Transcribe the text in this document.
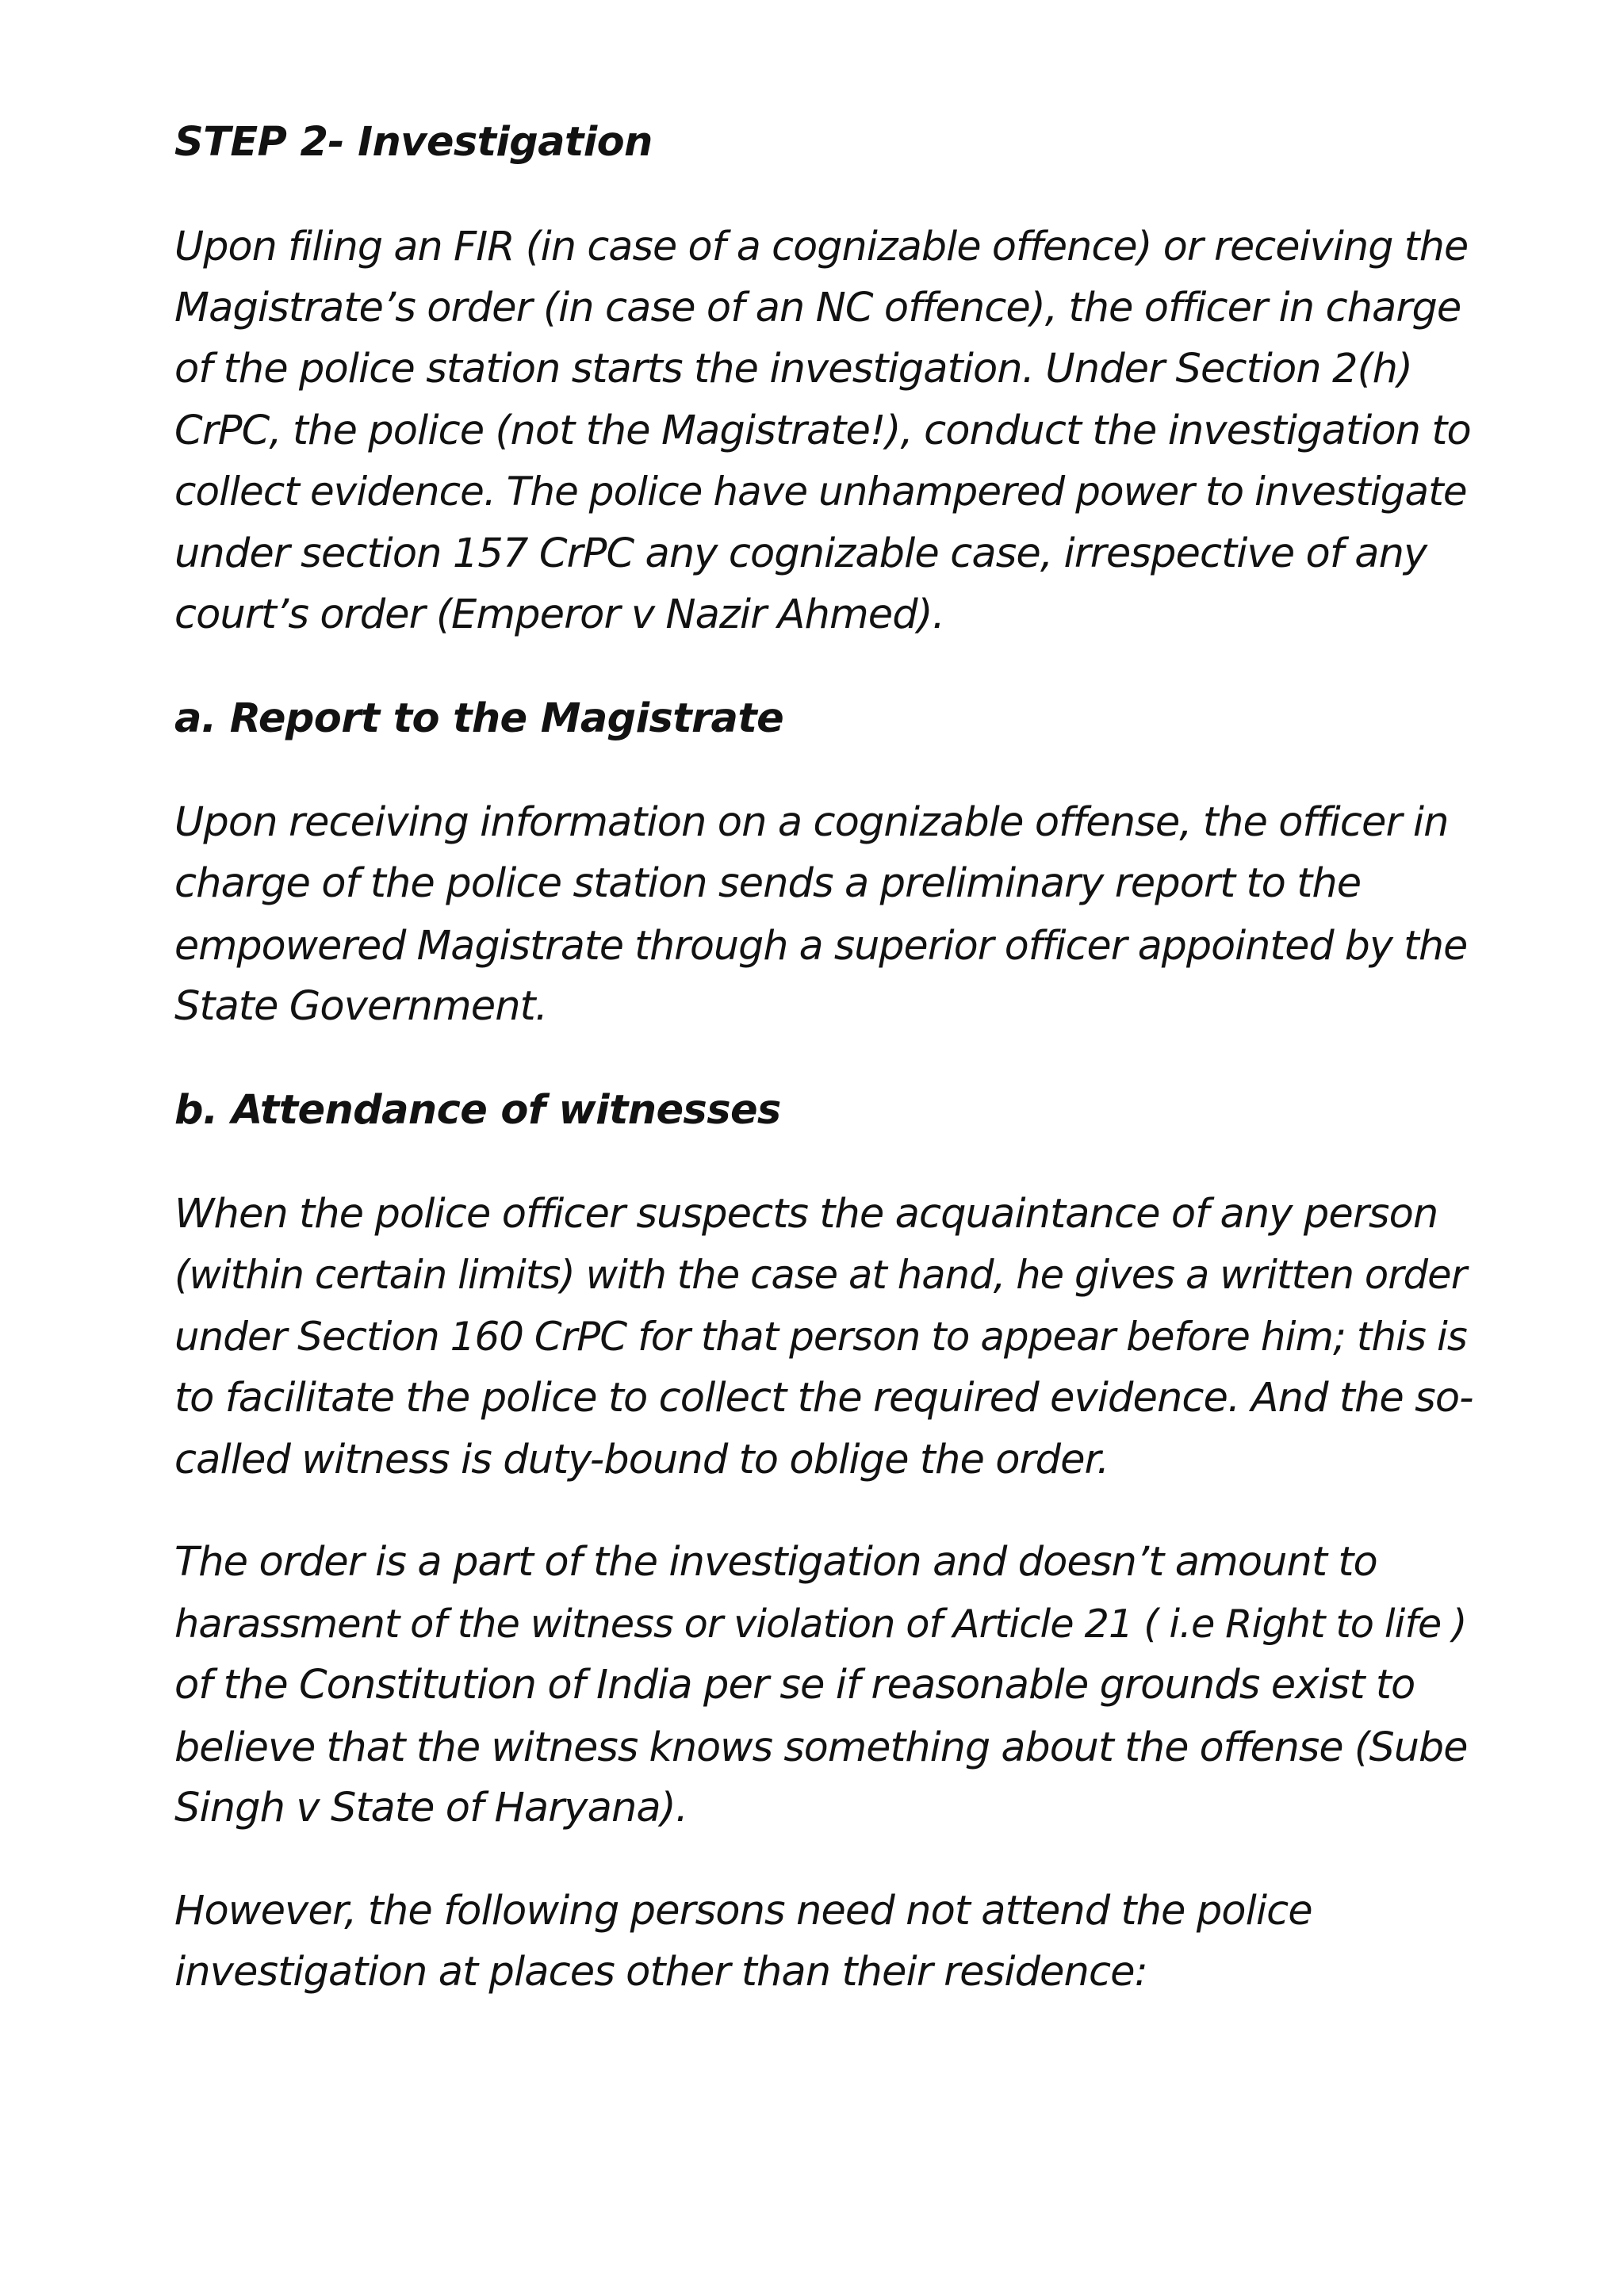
STEP 2- Investigation

Upon filing an FIR (in case of a cognizable offence) or receiving the
Magistrate’s order (in case of an NC offence), the officer in charge
of the police station starts the investigation. Under Section 2(h)
CrPC, the police (not the Magistrate!), conduct the investigation to
collect evidence. The police have unhampered power to investigate
under section 157 CrPC any cognizable case, irrespective of any
court’s order (Emperor v Nazir Ahmed).

a. Report to the Magistrate

Upon receiving information on a cognizable offense, the officer in
charge of the police station sends a preliminary report to the
empowered Magistrate through a superior officer appointed by the
State Government.

b. Attendance of witnesses

When the police officer suspects the acquaintance of any person
(within certain limits) with the case at hand, he gives a written order
under Section 160 CrPC for that person to appear before him; this is
to facilitate the police to collect the required evidence. And the so-
called witness is duty-bound to oblige the order.

The order is a part of the investigation and doesn’t amount to
harassment of the witness or violation of Article 21 ( i.e Right to life )
of the Constitution of India per se if reasonable grounds exist to
believe that the witness knows something about the offense (Sube
Singh v State of Haryana).

However, the following persons need not attend the police
investigation at places other than their residence:
